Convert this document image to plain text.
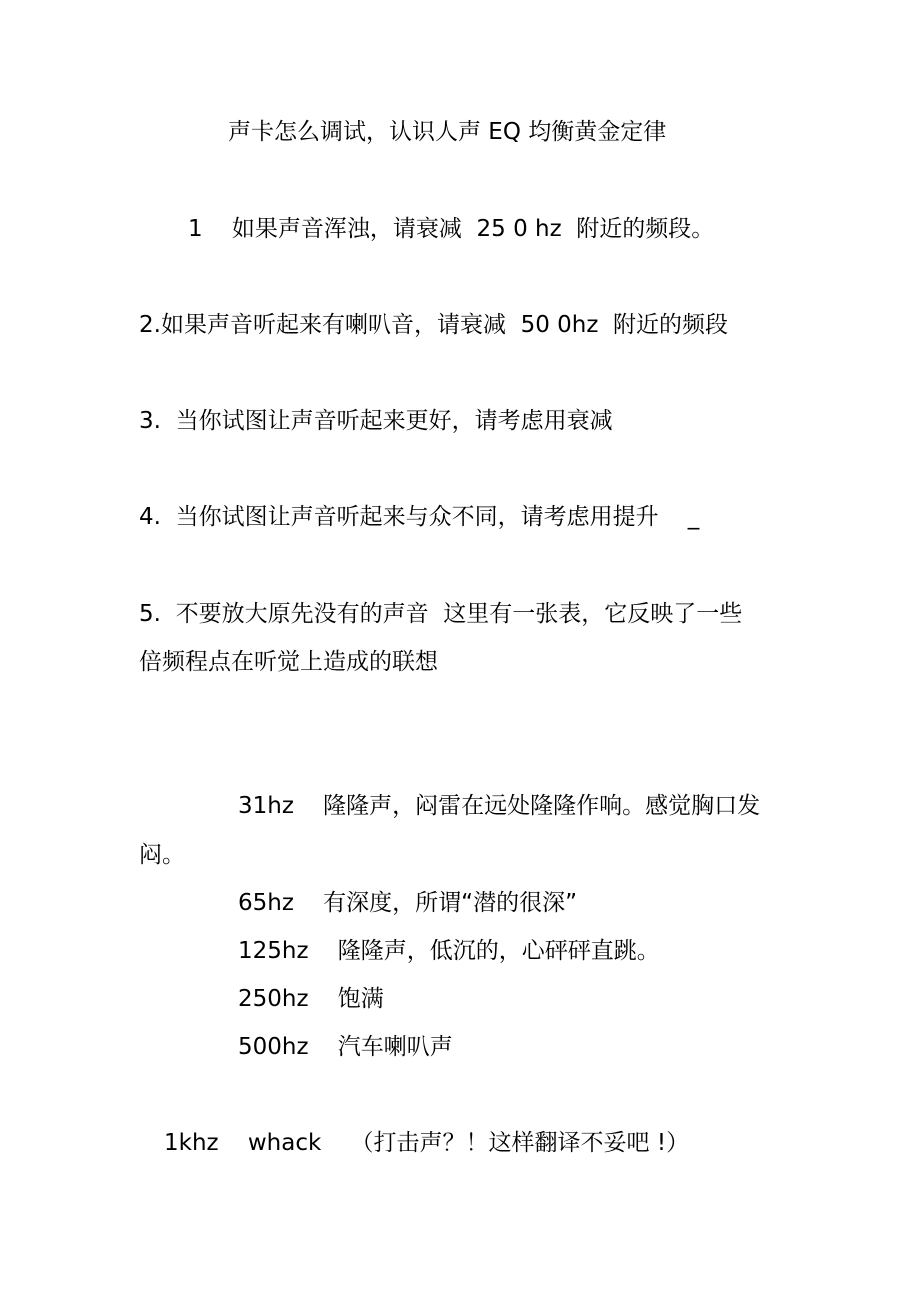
声卡怎么调试，认识人声 EQ 均衡黄金定律
1    如果声音浑浊，请衰减  25 0 hz  附近的频段。
2.如果声音听起来有喇叭音，请衰减  50 0hz  附近的频段
3.  当你试图让声音听起来更好，请考虑用衰减
4.  当你试图让声音听起来与众不同，请考虑用提升    _
5.  不要放大原先没有的声音  这里有一张表，它反映了一些
倍频程点在听觉上造成的联想
31hz    隆隆声，闷雷在远处隆隆作响。感觉胸口发
闷。
65hz    有深度，所谓“潜的很深”
125hz    隆隆声，低沉的，心砰砰直跳。
250hz    饱满
500hz    汽车喇叭声
1khz    whack    （打击声？！这样翻译不妥吧 !）
